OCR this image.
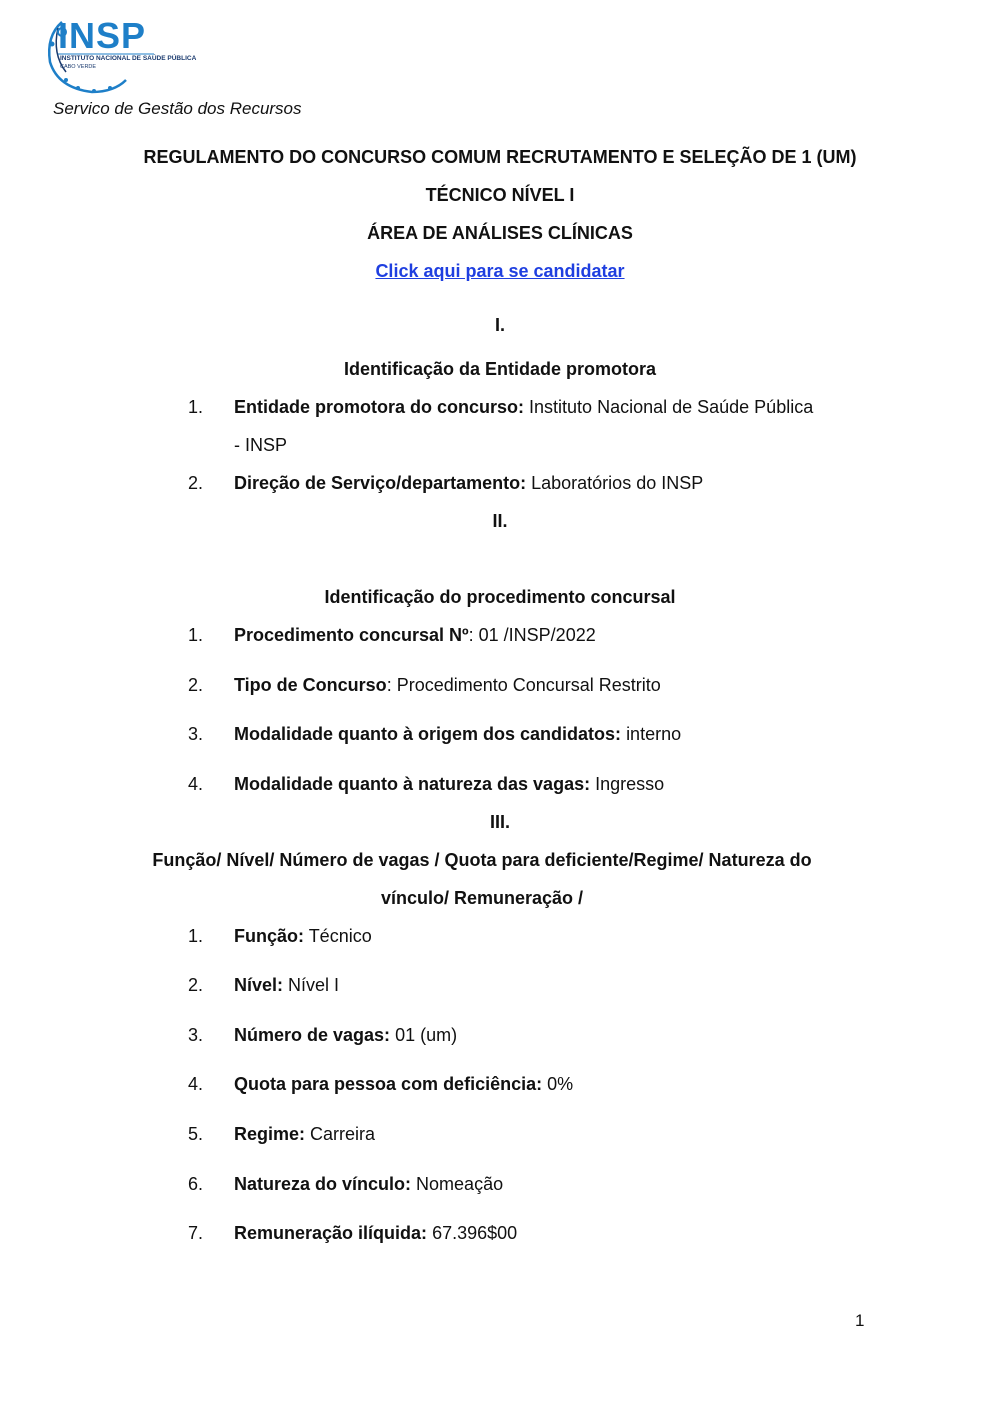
INSP
INSTITUTO NACIONAL DE SAÚDE PÚBLICA
CABO VERDE
Servico de Gestão dos Recursos
REGULAMENTO DO CONCURSO COMUM RECRUTAMENTO E SELEÇÃO DE 1 (UM)
TÉCNICO NÍVEL I
ÁREA DE ANÁLISES CLÍNICAS
Click aqui para se candidatar
I.
Identificação da Entidade promotora
1. Entidade promotora do concurso: Instituto Nacional de Saúde Pública
- INSP
2. Direção de Serviço/departamento: Laboratórios do INSP
II.
Identificação do procedimento concursal
1. Procedimento concursal Nº: 01 /INSP/2022
2. Tipo de Concurso: Procedimento Concursal Restrito
3. Modalidade quanto à origem dos candidatos: interno
4. Modalidade quanto à natureza das vagas: Ingresso
III.
Função/ Nível/ Número de vagas / Quota para deficiente/Regime/ Natureza do
vínculo/ Remuneração /
1. Função: Técnico
2. Nível: Nível I
3. Número de vagas: 01 (um)
4. Quota para pessoa com deficiência: 0%
5. Regime: Carreira
6. Natureza do vínculo: Nomeação
7. Remuneração ilíquida: 67.396$00
1
